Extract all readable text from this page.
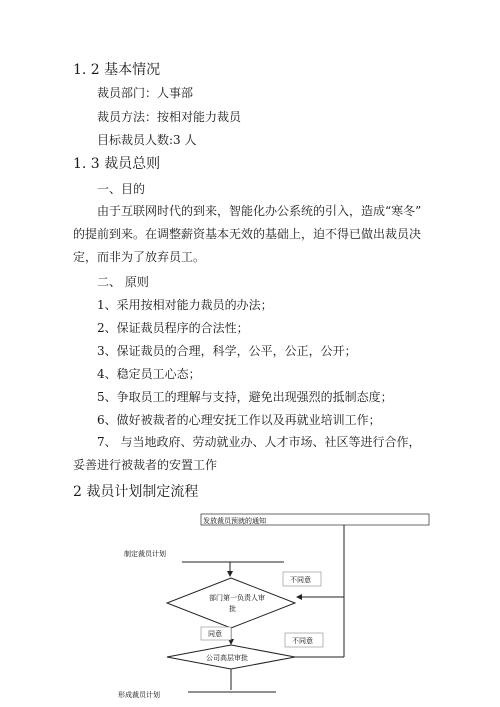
1. 2 基本情况
裁员部门：人事部
裁员方法：按相对能力裁员
目标裁员人数:3 人
1. 3 裁员总则
一、目的
由于互联网时代的到来，智能化办公系统的引入，造成“寒冬” 的提前到来。在调整薪资基本无效的基础上，迫不得已做出裁员决定，而非为了放弃员工。
二、 原则
1、采用按相对能力裁员的办法；
2、保证裁员程序的合法性；
3、保证裁员的合理，科学，公平，公正，公开；
4、稳定员工心态；
5、争取员工的理解与支持，避免出现强烈的抵制态度；
6、做好被裁者的心理安抚工作以及再就业培训工作；
7、 与当地政府、劳动就业办、人才市场、社区等进行合作，妥善进行被裁者的安置工作
2 裁员计划制定流程
发放裁员预就的通知
制定裁员计划
部门第一负责人审
批
不同意
同意
不同意
公司高层审批
形成裁员计划
